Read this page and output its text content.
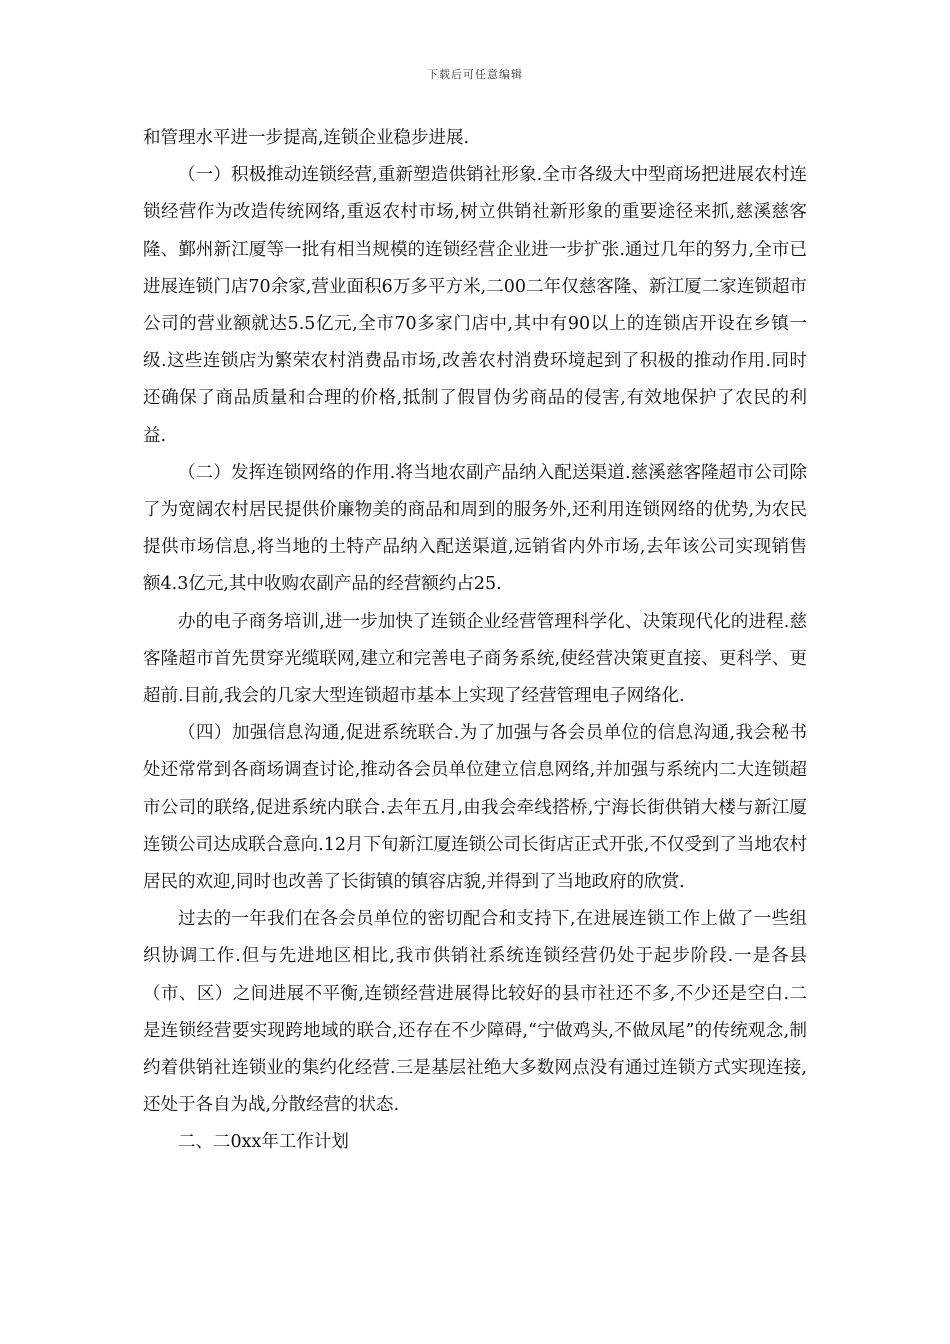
下载后可任意编辑

和管理水平进一步提高,连锁企业稳步进展.

（一）积极推动连锁经营,重新塑造供销社形象.全市各级大中型商场把进展农村连锁经营作为改造传统网络,重返农村市场,树立供销社新形象的重要途径来抓,慈溪慈客隆、鄞州新江厦等一批有相当规模的连锁经营企业进一步扩张.通过几年的努力,全市已进展连锁门店70余家,营业面积6万多平方米,二00二年仅慈客隆、新江厦二家连锁超市公司的营业额就达5.5亿元,全市70多家门店中,其中有90以上的连锁店开设在乡镇一级.这些连锁店为繁荣农村消费品市场,改善农村消费环境起到了积极的推动作用.同时还确保了商品质量和合理的价格,抵制了假冒伪劣商品的侵害,有效地保护了农民的利益.

（二）发挥连锁网络的作用.将当地农副产品纳入配送渠道.慈溪慈客隆超市公司除了为宽阔农村居民提供价廉物美的商品和周到的服务外,还利用连锁网络的优势,为农民提供市场信息,将当地的土特产品纳入配送渠道,远销省内外市场,去年该公司实现销售额4.3亿元,其中收购农副产品的经营额约占25.

办的电子商务培训,进一步加快了连锁企业经营管理科学化、决策现代化的进程.慈客隆超市首先贯穿光缆联网,建立和完善电子商务系统,使经营决策更直接、更科学、更超前.目前,我会的几家大型连锁超市基本上实现了经营管理电子网络化.

（四）加强信息沟通,促进系统联合.为了加强与各会员单位的信息沟通,我会秘书处还常常到各商场调查讨论,推动各会员单位建立信息网络,并加强与系统内二大连锁超市公司的联络,促进系统内联合.去年五月,由我会牵线搭桥,宁海长街供销大楼与新江厦连锁公司达成联合意向.12月下旬新江厦连锁公司长街店正式开张,不仅受到了当地农村居民的欢迎,同时也改善了长街镇的镇容店貌,并得到了当地政府的欣赏.

过去的一年我们在各会员单位的密切配合和支持下,在进展连锁工作上做了一些组织协调工作.但与先进地区相比,我市供销社系统连锁经营仍处于起步阶段.一是各县（市、区）之间进展不平衡,连锁经营进展得比较好的县市社还不多,不少还是空白.二是连锁经营要实现跨地域的联合,还存在不少障碍,“宁做鸡头,不做凤尾”的传统观念,制约着供销社连锁业的集约化经营.三是基层社绝大多数网点没有通过连锁方式实现连接,还处于各自为战,分散经营的状态.

二、二0xx年工作计划
